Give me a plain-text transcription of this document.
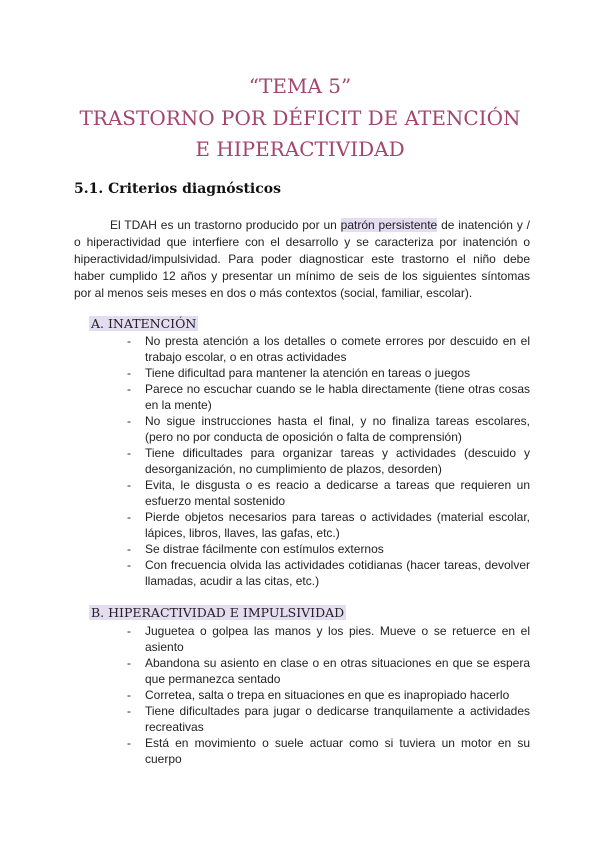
“TEMA 5”
TRASTORNO POR DÉFICIT DE ATENCIÓN
E HIPERACTIVIDAD
5.1. Criterios diagnósticos

El TDAH es un trastorno producido por un patrón persistente de inatención y / o hiperactividad que interfiere con el desarrollo y se caracteriza por inatención o hiperactividad/impulsividad. Para poder diagnosticar este trastorno el niño debe haber cumplido 12 años y presentar un mínimo de seis de los siguientes síntomas por al menos seis meses en dos o más contextos (social, familiar, escolar).

A. INATENCIÓN
- No presta atención a los detalles o comete errores por descuido en el trabajo escolar, o en otras actividades
- Tiene dificultad para mantener la atención en tareas o juegos
- Parece no escuchar cuando se le habla directamente (tiene otras cosas en la mente)
- No sigue instrucciones hasta el final, y no finaliza tareas escolares, (pero no por conducta de oposición o falta de comprensión)
- Tiene dificultades para organizar tareas y actividades (descuido y desorganización, no cumplimiento de plazos, desorden)
- Evita, le disgusta o es reacio a dedicarse a tareas que requieren un esfuerzo mental sostenido
- Pierde objetos necesarios para tareas o actividades (material escolar, lápices, libros, llaves, las gafas, etc.)
- Se distrae fácilmente con estímulos externos
- Con frecuencia olvida las actividades cotidianas (hacer tareas, devolver llamadas, acudir a las citas, etc.)
B. HIPERACTIVIDAD E IMPULSIVIDAD
- Juguetea o golpea las manos y los pies. Mueve o se retuerce en el asiento
- Abandona su asiento en clase o en otras situaciones en que se espera que permanezca sentado
- Corretea, salta o trepa en situaciones en que es inapropiado hacerlo
- Tiene dificultades para jugar o dedicarse tranquilamente a actividades recreativas
- Está en movimiento o suele actuar como si tuviera un motor en su cuerpo
